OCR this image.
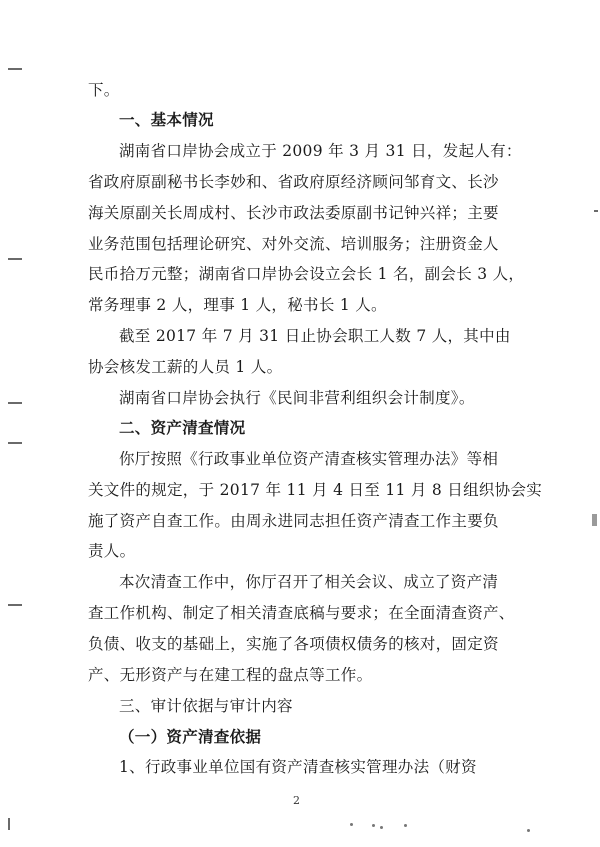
下。
一、基本情况
湖南省口岸协会成立于 2009 年 3 月 31 日，发起人有：
省政府原副秘书长李妙和、省政府原经济顾问邹育文、长沙
海关原副关长周成村、长沙市政法委原副书记钟兴祥；主要
业务范围包括理论研究、对外交流、培训服务；注册资金人
民币拾万元整；湖南省口岸协会设立会长 1 名，副会长 3 人，
常务理事 2 人，理事 1 人，秘书长 1 人。
截至 2017 年 7 月 31 日止协会职工人数 7 人，其中由
协会核发工薪的人员 1 人。
湖南省口岸协会执行《民间非营利组织会计制度》。
二、资产清查情况
你厅按照《行政事业单位资产清查核实管理办法》等相
关文件的规定，于 2017 年 11 月 4 日至 11 月 8 日组织协会实
施了资产自查工作。由周永进同志担任资产清查工作主要负
责人。
本次清查工作中，你厅召开了相关会议、成立了资产清
查工作机构、制定了相关清查底稿与要求；在全面清查资产、
负债、收支的基础上，实施了各项债权债务的核对，固定资
产、无形资产与在建工程的盘点等工作。
三、审计依据与审计内容
（一）资产清查依据
1、行政事业单位国有资产清查核实管理办法（财资
2
